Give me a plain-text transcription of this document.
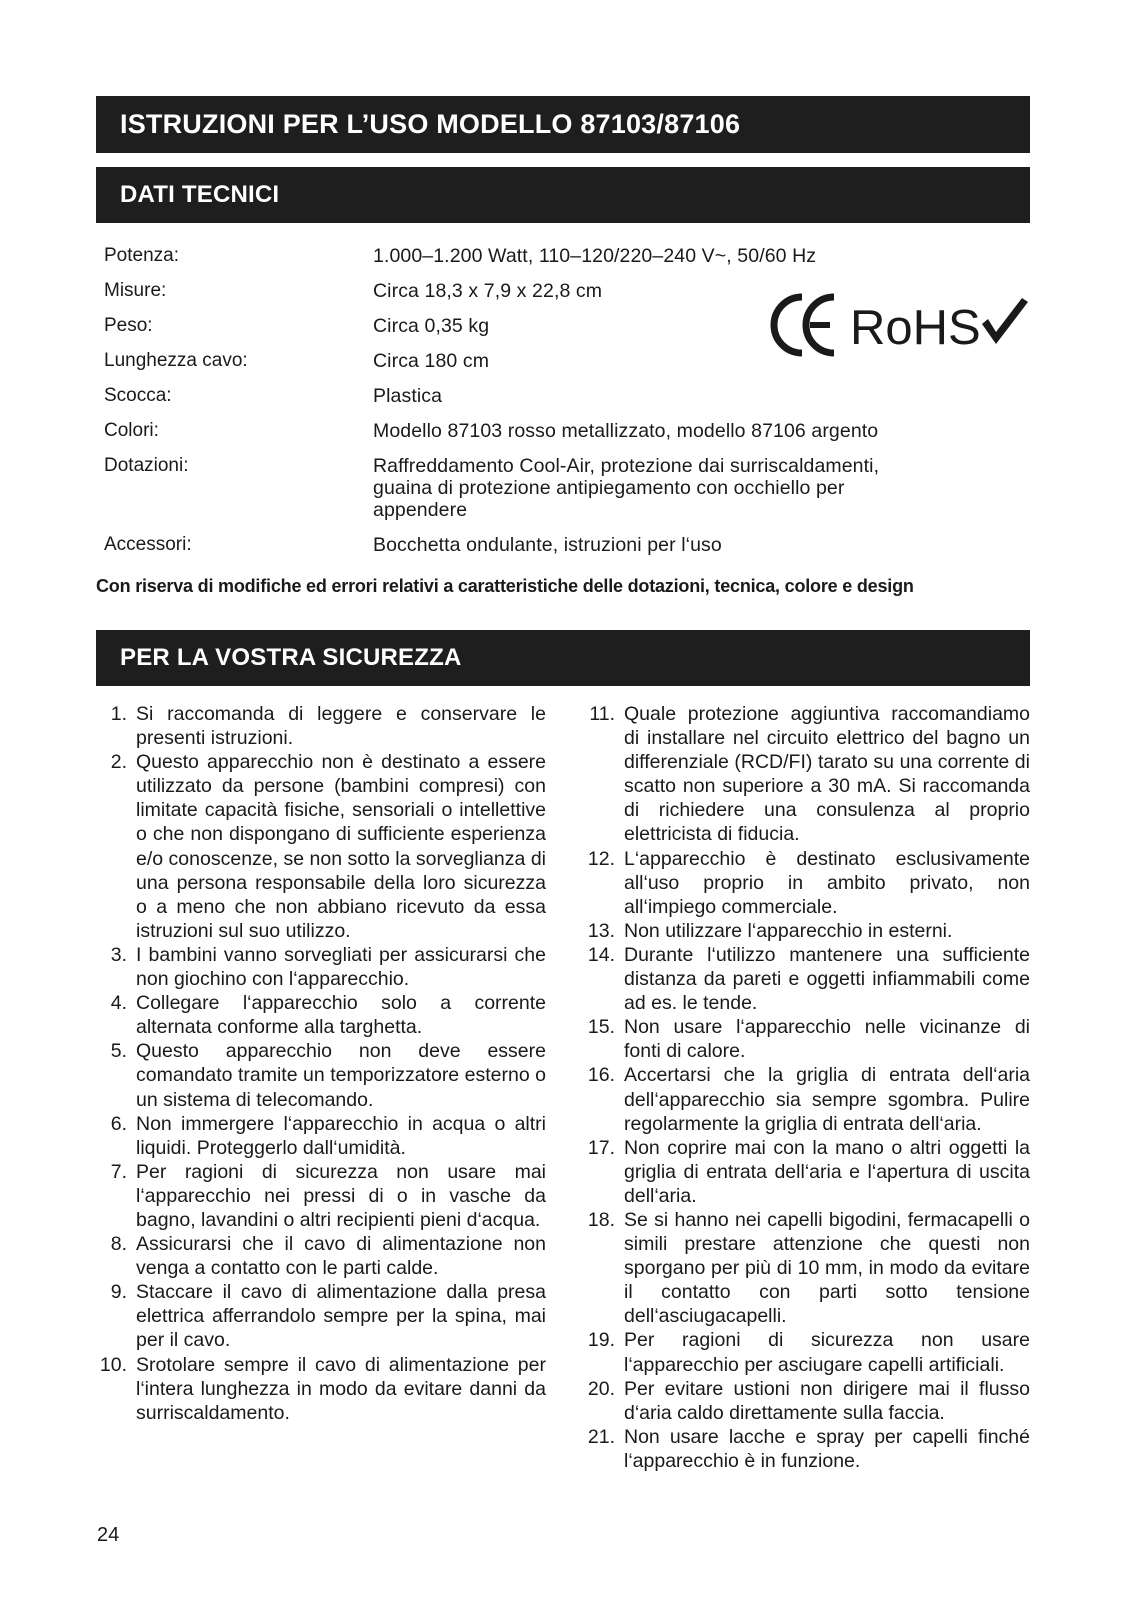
ISTRUZIONI PER L’USO MODELLO 87103/87106
DATI TECNICI
Potenza:	1.000–1.200 Watt, 110–120/220–240 V~, 50/60 Hz
Misure:	Circa 18,3 x 7,9 x 22,8 cm
Peso:	Circa 0,35 kg
Lunghezza cavo:	Circa 180 cm
Scocca:	Plastica
Colori:	Modello 87103 rosso metallizzato, modello 87106 argento
Dotazioni:	Raffreddamento Cool-Air, protezione dai surriscaldamenti, guaina di protezione antipiegamento con occhiello per appendere
Accessori:	Bocchetta ondulante, istruzioni per l‘uso
RoHS
Con riserva di modifiche ed errori relativi a caratteristiche delle dotazioni, tecnica, colore e design
PER LA VOSTRA SICUREZZA
1. Si raccomanda di leggere e conservare le presenti istruzioni.
2. Questo apparecchio non è destinato a essere utilizzato da persone (bambini compresi) con limitate capacità fisiche, sensoriali o intellettive o che non dispongano di sufficiente esperienza e/o conoscenze, se non sotto la sorveglianza di una persona responsabile della loro sicurezza o a meno che non abbiano ricevuto da essa istruzioni sul suo utilizzo.
3. I bambini vanno sorvegliati per assicurarsi che non giochino con l‘apparecchio.
4. Collegare l‘apparecchio solo a corrente alternata conforme alla targhetta.
5. Questo apparecchio non deve essere comandato tramite un temporizzatore esterno o un sistema di telecomando.
6. Non immergere l‘apparecchio in acqua o altri liquidi. Proteggerlo dall‘umidità.
7. Per ragioni di sicurezza non usare mai l‘apparecchio nei pressi di o in vasche da bagno, lavandini o altri recipienti pieni d‘acqua.
8. Assicurarsi che il cavo di alimentazione non venga a contatto con le parti calde.
9. Staccare il cavo di alimentazione dalla presa elettrica afferrandolo sempre per la spina, mai per il cavo.
10. Srotolare sempre il cavo di alimentazione per l‘intera lunghezza in modo da evitare danni da surriscaldamento.
11. Quale protezione aggiuntiva raccomandiamo di installare nel circuito elettrico del bagno un differenziale (RCD/FI) tarato su una corrente di scatto non superiore a 30 mA. Si raccomanda di richiedere una consulenza al proprio elettricista di fiducia.
12. L‘apparecchio è destinato esclusivamente all‘uso proprio in ambito privato, non all‘impiego commerciale.
13. Non utilizzare l‘apparecchio in esterni.
14. Durante l‘utilizzo mantenere una sufficiente distanza da pareti e oggetti infiammabili come ad es. le tende.
15. Non usare l‘apparecchio nelle vicinanze di fonti di calore.
16. Accertarsi che la griglia di entrata dell‘aria dell‘apparecchio sia sempre sgombra. Pulire regolarmente la griglia di entrata dell‘aria.
17. Non coprire mai con la mano o altri oggetti la griglia di entrata dell‘aria e l‘apertura di uscita dell‘aria.
18. Se si hanno nei capelli bigodini, fermacapelli o simili prestare attenzione che questi non sporgano per più di 10 mm, in modo da evitare il contatto con parti sotto tensione dell‘asciugacapelli.
19. Per ragioni di sicurezza non usare l‘apparecchio per asciugare capelli artificiali.
20. Per evitare ustioni non dirigere mai il flusso d‘aria caldo direttamente sulla faccia.
21. Non usare lacche e spray per capelli finché l‘apparecchio è in funzione.
24
